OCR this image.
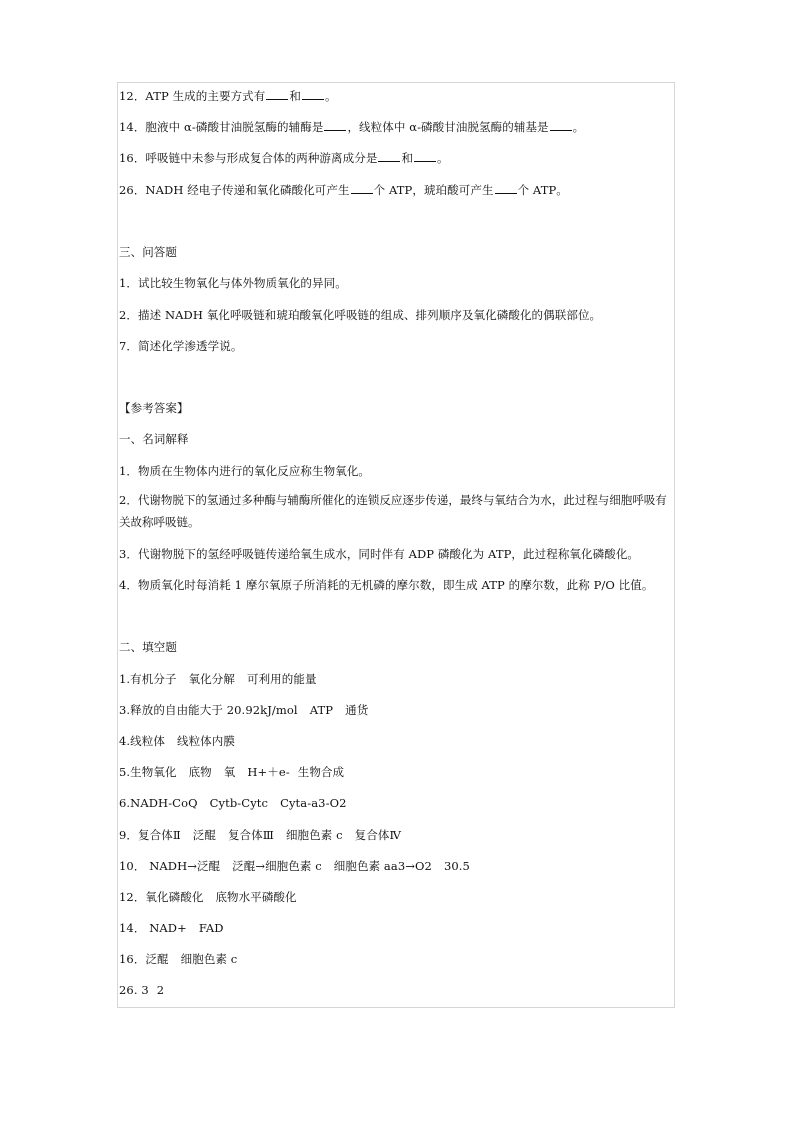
12．ATP 生成的主要方式有 和 。
14．胞液中 α-磷酸甘油脱氢酶的辅酶是 ，线粒体中 α-磷酸甘油脱氢酶的辅基是 。
16．呼吸链中未参与形成复合体的两种游离成分是 和 。
26．NADH 经电子传递和氧化磷酸化可产生 个 ATP，琥珀酸可产生 个 ATP。
三、问答题
1．试比较生物氧化与体外物质氧化的异同。
2．描述 NADH 氧化呼吸链和琥珀酸氧化呼吸链的组成、排列顺序及氧化磷酸化的偶联部位。
7．简述化学渗透学说。
【参考答案】
一、名词解释
1．物质在生物体内进行的氧化反应称生物氧化。
2．代谢物脱下的氢通过多种酶与辅酶所催化的连锁反应逐步传递，最终与氧结合为水，此过程与细胞呼吸有关故称呼吸链。
3．代谢物脱下的氢经呼吸链传递给氧生成水，同时伴有 ADP 磷酸化为 ATP，此过程称氧化磷酸化。
4．物质氧化时每消耗 1 摩尔氧原子所消耗的无机磷的摩尔数，即生成 ATP 的摩尔数，此称 P/O 比值。
二、填空题
1.有机分子 氧化分解 可利用的能量
3.释放的自由能大于 20.92kJ/mol ATP 通货
4.线粒体 线粒体内膜
5.生物氧化 底物 氧 H+＋e- 生物合成
6.NADH-CoQ Cytb-Cytc Cyta-a3-O2
9．复合体Ⅱ 泛醌 复合体Ⅲ 细胞色素 c 复合体Ⅳ
10． NADH→泛醌 泛醌→细胞色素 c 细胞色素 aa3→O2 30.5
12．氧化磷酸化 底物水平磷酸化
14． NAD+ FAD
16．泛醌 细胞色素 c
26. 3 2
